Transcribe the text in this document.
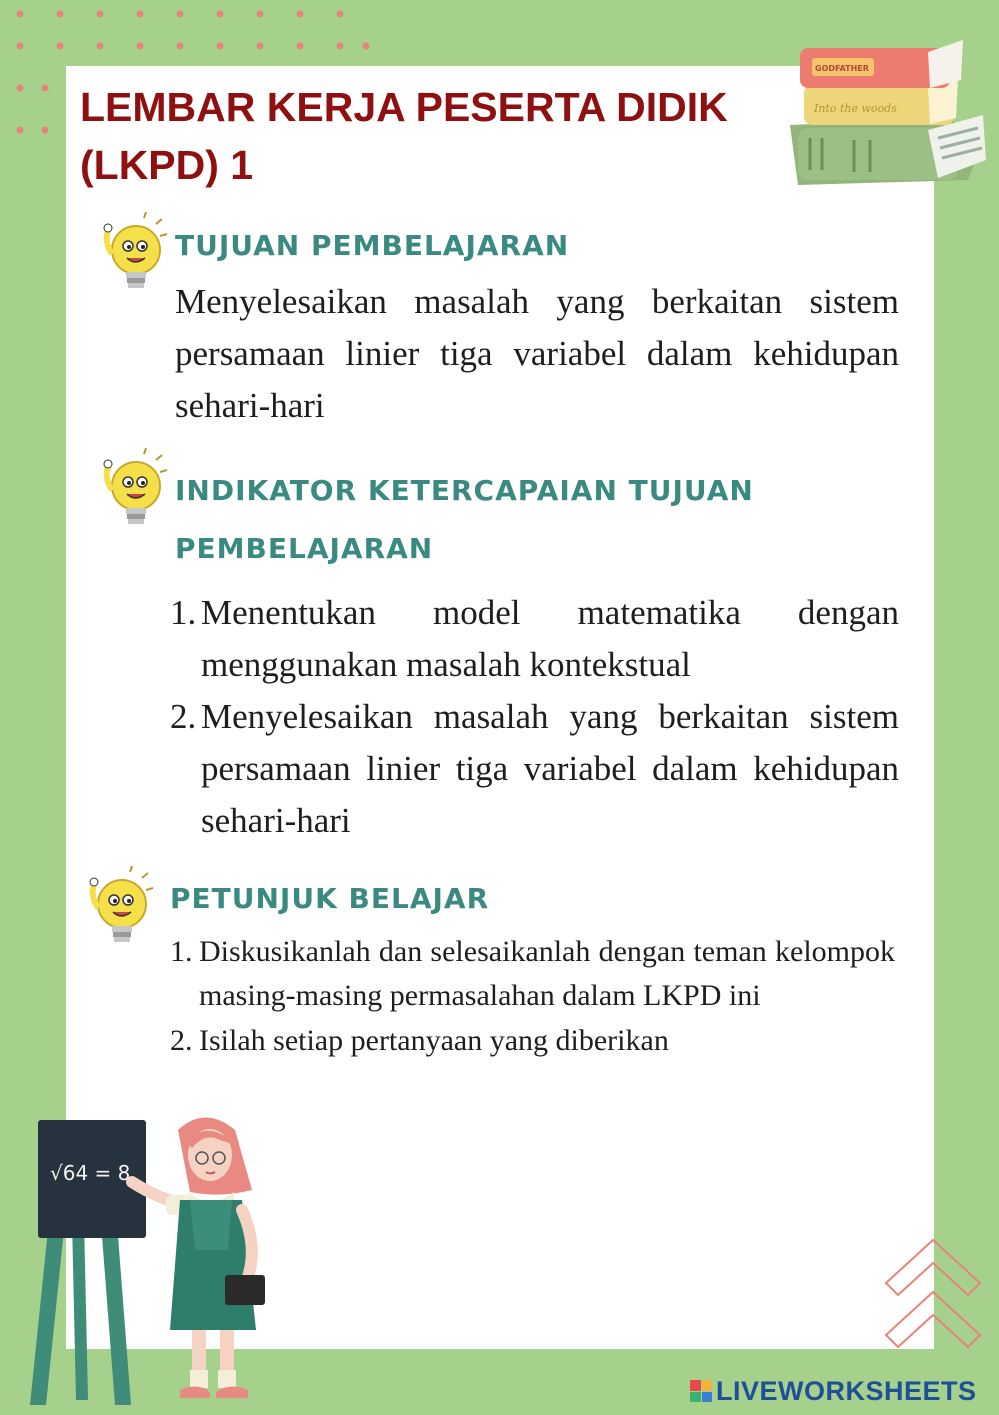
Into the woods
GODFATHER
LEMBAR KERJA PESERTA DIDIK
(LKPD) 1
TUJUAN PEMBELAJARAN

Menyelesaikan masalah yang berkaitan sistem persamaan linier tiga variabel dalam kehidupan sehari-hari

INDIKATOR KETERCAPAIAN TUJUAN
PEMBELAJARAN
1. Menentukan model matematika dengan menggunakan masalah kontekstual
2. Menyelesaikan masalah yang berkaitan sistem persamaan linier tiga variabel dalam kehidupan sehari-hari
PETUNJUK BELAJAR
1. Diskusikanlah dan selesaikanlah dengan teman kelompok masing-masing permasalahan dalam LKPD ini
2. Isilah setiap pertanyaan yang diberikan
√64 = 8
LIVEWORKSHEETS
